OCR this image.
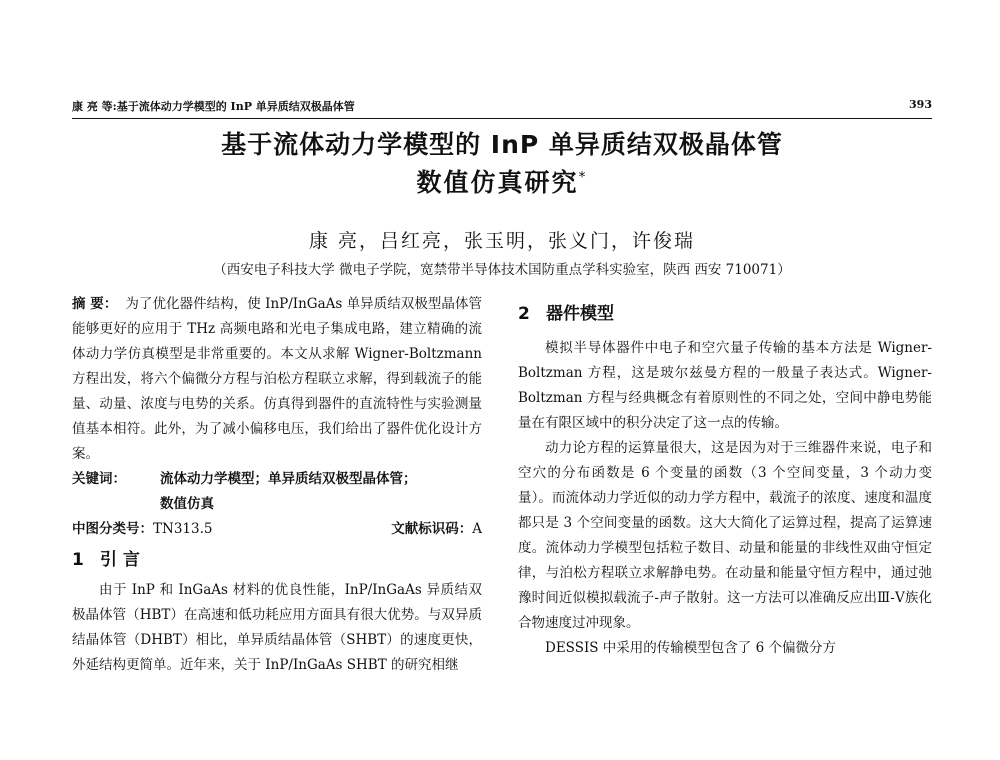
康 亮 等:基于流体动力学模型的 InP 单异质结双极晶体管	393
基于流体动力学模型的 InP 单异质结双极晶体管
数值仿真研究*
康 亮，吕红亮，张玉明，张义门，许俊瑞
（西安电子科技大学 微电子学院，宽禁带半导体技术国防重点学科实验室，陕西 西安 710071）
摘 要： 为了优化器件结构，使 InP/InGaAs 单异质结双极型晶体管能够更好的应用于 THz 高频电路和光电子集成电路，建立精确的流体动力学仿真模型是非常重要的。本文从求解 Wigner-Boltzmann 方程出发，将六个偏微分方程与泊松方程联立求解，得到载流子的能量、动量、浓度与电势的关系。仿真得到器件的直流特性与实验测量值基本相符。此外，为了减小偏移电压，我们给出了器件优化设计方案。
关键词：	流体动力学模型；单异质结双极型晶体管；
数值仿真
中图分类号：TN313.5	文献标识码：A
1 引 言

由于 InP 和 InGaAs 材料的优良性能，InP/InGaAs 异质结双极晶体管（HBT）在高速和低功耗应用方面具有很大优势。与双异质结晶体管（DHBT）相比，单异质结晶体管（SHBT）的速度更快，外延结构更简单。近年来，关于 InP/InGaAs SHBT 的研究相继

2 器件模型

模拟半导体器件中电子和空穴量子传输的基本方法是 Wigner-Boltzman 方程，这是玻尔兹曼方程的一般量子表达式。Wigner-Boltzman 方程与经典概念有着原则性的不同之处，空间中静电势能量在有限区域中的积分决定了这一点的传输。

动力论方程的运算量很大，这是因为对于三维器件来说，电子和空穴的分布函数是 6 个变量的函数（3 个空间变量，3 个动力变量）。而流体动力学近似的动力学方程中，载流子的浓度、速度和温度都只是 3 个空间变量的函数。这大大简化了运算过程，提高了运算速度。流体动力学模型包括粒子数目、动量和能量的非线性双曲守恒定律，与泊松方程联立求解静电势。在动量和能量守恒方程中，通过弛豫时间近似模拟载流子-声子散射。这一方法可以准确反应出Ⅲ-Ⅴ族化合物速度过冲现象。

DESSIS 中采用的传输模型包含了 6 个偏微分方
